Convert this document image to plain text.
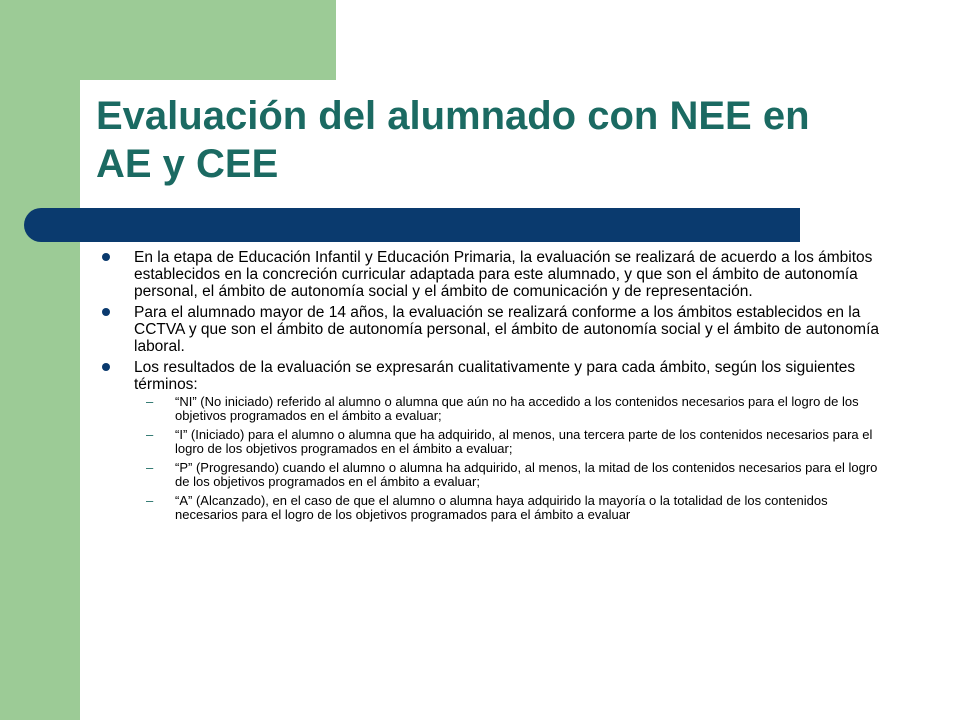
Evaluación del alumnado con NEE en
AE y CEE
En la etapa de Educación Infantil y Educación Primaria, la evaluación se realizará de acuerdo a los ámbitos establecidos en la concreción curricular adaptada para este alumnado, y que son el ámbito de autonomía personal, el ámbito de autonomía social y el ámbito de comunicación y de representación.
Para el alumnado mayor de 14 años, la evaluación se realizará conforme a los ámbitos establecidos en la CCTVA y que son el ámbito de autonomía personal, el ámbito de autonomía social y el ámbito de autonomía laboral.
Los resultados de la evaluación se expresarán cualitativamente y para cada ámbito, según los siguientes términos:
– “NI” (No iniciado) referido al alumno o alumna que aún no ha accedido a los contenidos necesarios para el logro de los objetivos programados en el ámbito a evaluar;
– “I” (Iniciado) para el alumno o alumna que ha adquirido, al menos, una tercera parte de los contenidos necesarios para el logro de los objetivos programados en el ámbito a evaluar;
– “P” (Progresando) cuando el alumno o alumna ha adquirido, al menos, la mitad de los contenidos necesarios para el logro de los objetivos programados en el ámbito a evaluar;
– “A” (Alcanzado), en el caso de que el alumno o alumna haya adquirido la mayoría o la totalidad de los contenidos necesarios para el logro de los objetivos programados para el ámbito a evaluar
